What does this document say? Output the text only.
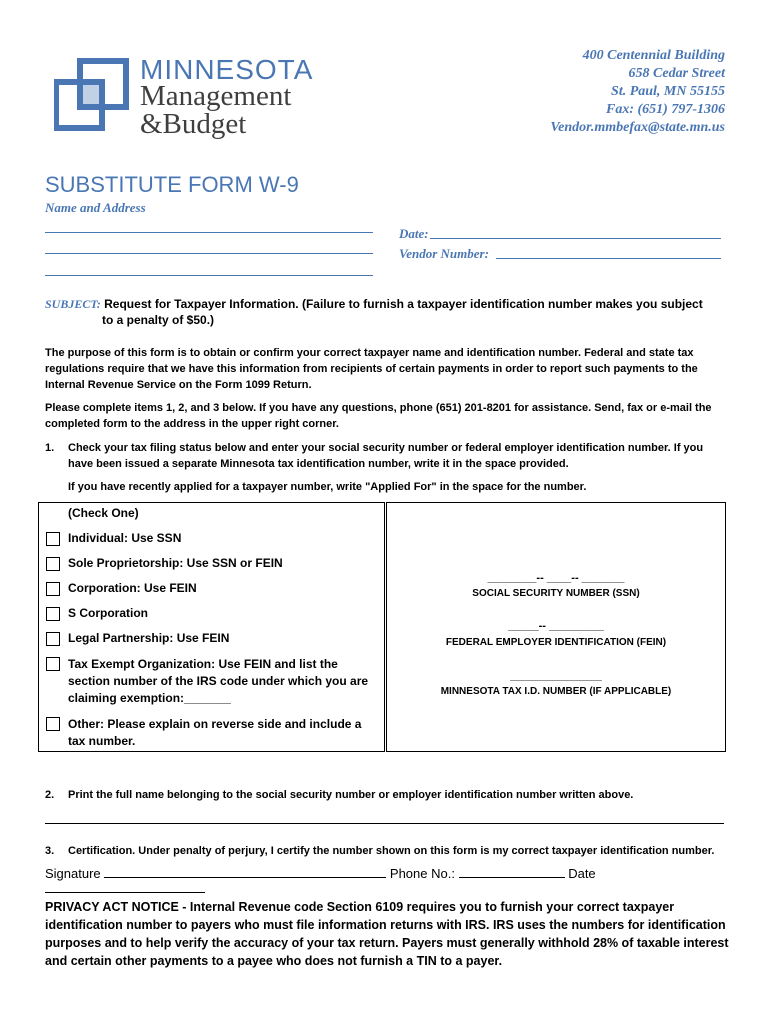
MINNESOTA
Management
&Budget
400 Centennial Building
658 Cedar Street
St. Paul, MN 55155
Fax: (651) 797-1306
Vendor.mmbefax@state.mn.us
SUBSTITUTE FORM W-9
Name and Address
Date:
Vendor Number:
SUBJECT: Request for Taxpayer Information. (Failure to furnish a taxpayer identification number makes you subject
to a penalty of $50.)
The purpose of this form is to obtain or confirm your correct taxpayer name and identification number. Federal and state tax
regulations require that we have this information from recipients of certain payments in order to report such payments to the
Internal Revenue Service on the Form 1099 Return.
Please complete items 1, 2, and 3 below. If you have any questions, phone (651) 201-8201 for assistance. Send, fax or e-mail the
completed form to the address in the upper right corner.
1. Check your tax filing status below and enter your social security number or federal employer identification number. If you
have been issued a separate Minnesota tax identification number, write it in the space provided.
If you have recently applied for a taxpayer number, write "Applied For" in the space for the number.
(Check One)
Individual: Use SSN
Sole Proprietorship: Use SSN or FEIN
Corporation: Use FEIN
S Corporation
Legal Partnership: Use FEIN
Tax Exempt Organization: Use FEIN and list the
section number of the IRS code under which you are
claiming exemption:_______
Other: Please explain on reverse side and include a
tax number.
________-- ____-- _______
SOCIAL SECURITY NUMBER (SSN)
_____-- _________
FEDERAL EMPLOYER IDENTIFICATION (FEIN)
_______________
MINNESOTA TAX I.D. NUMBER (IF APPLICABLE)
2. Print the full name belonging to the social security number or employer identification number written above.
3. Certification. Under penalty of perjury, I certify the number shown on this form is my correct taxpayer identification number.
Signature	Phone No.:	Date
PRIVACY ACT NOTICE - Internal Revenue code Section 6109 requires you to furnish your correct taxpayer
identification number to payers who must file information returns with IRS. IRS uses the numbers for identification
purposes and to help verify the accuracy of your tax return. Payers must generally withhold 28% of taxable interest
and certain other payments to a payee who does not furnish a TIN to a payer.
